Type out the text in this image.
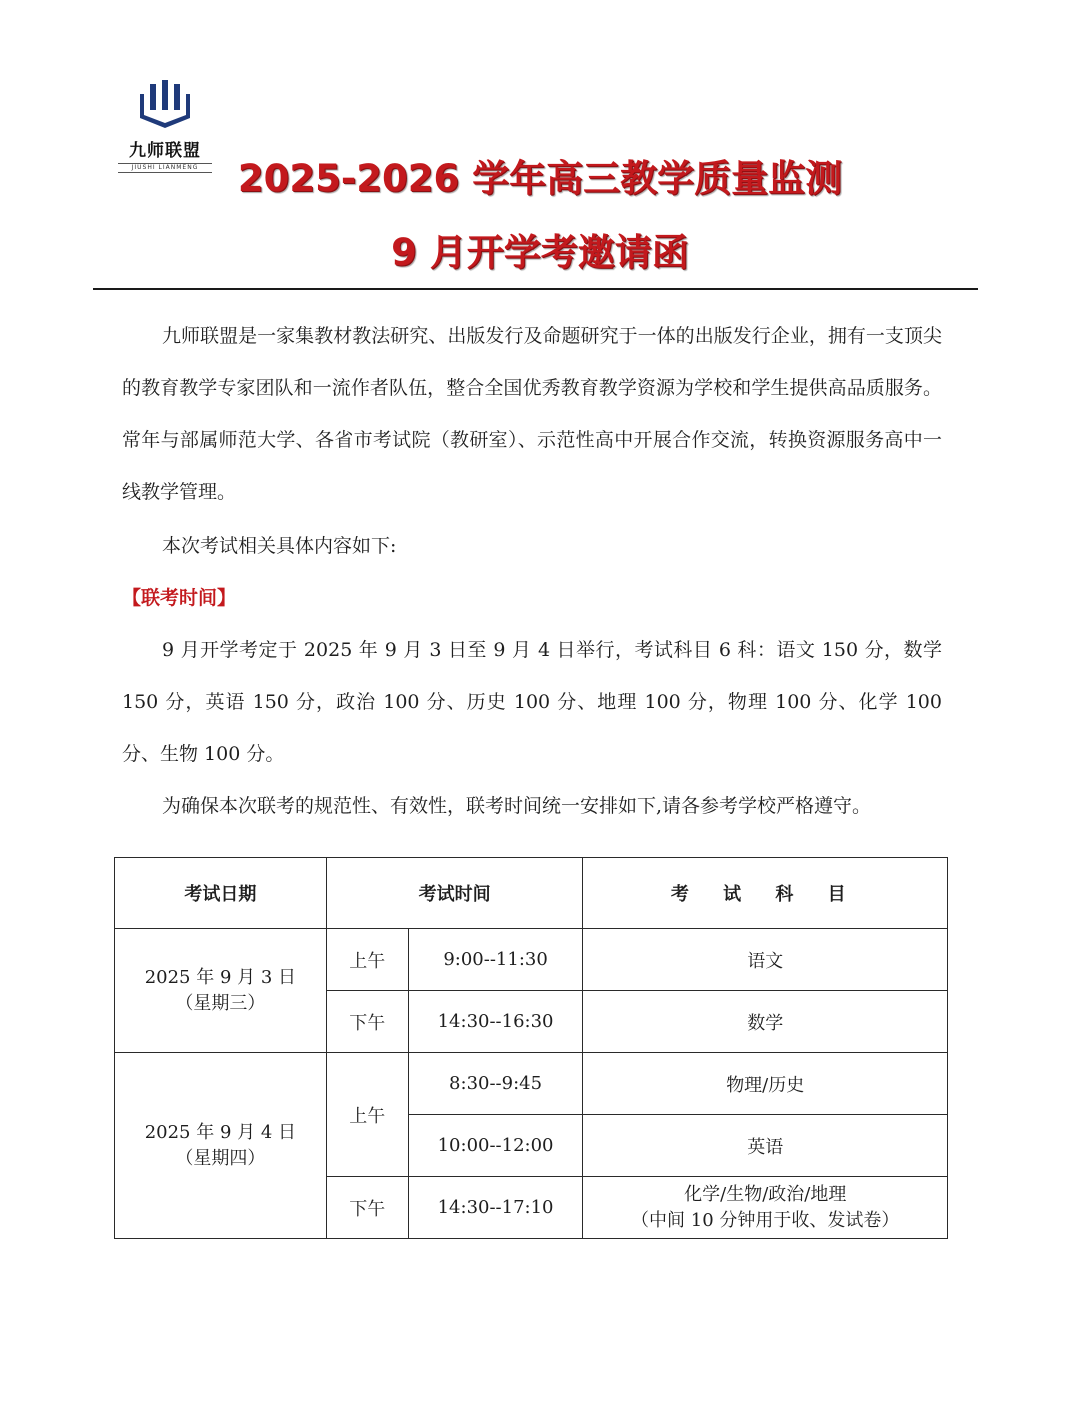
九师联盟
JIUSHI LIANMENG	2025-2026 学年高三教学质量监测
9 月开学考邀请函

九师联盟是一家集教材教法研究、出版发行及命题研究于一体的出版发行企业，拥有一支顶尖的教育教学专家团队和一流作者队伍，整合全国优秀教育教学资源为学校和学生提供高品质服务。常年与部属师范大学、各省市考试院（教研室）、示范性高中开展合作交流，转换资源服务高中一线教学管理。

本次考试相关具体内容如下:

【联考时间】

9 月开学考定于 2025 年 9 月 3 日至 9 月 4 日举行，考试科目 6 科：语文 150 分，数学 150 分，英语 150 分，政治 100 分、历史 100 分、地理 100 分，物理 100 分、化学 100 分、生物 100 分。

为确保本次联考的规范性、有效性，联考时间统一安排如下,请各参考学校严格遵守。

考试日期	考试时间		考 试 科 目

2025 年 9 月 3 日
（星期三）	上午	9:00--11:30	语文
	下午	14:30--16:30	数学

2025 年 9 月 4 日
（星期四）	上午	8:30--9:45	物理/历史
		10:00--12:00	英语
	下午	14:30--17:10	化学/生物/政治/地理
（中间 10 分钟用于收、发试卷）
